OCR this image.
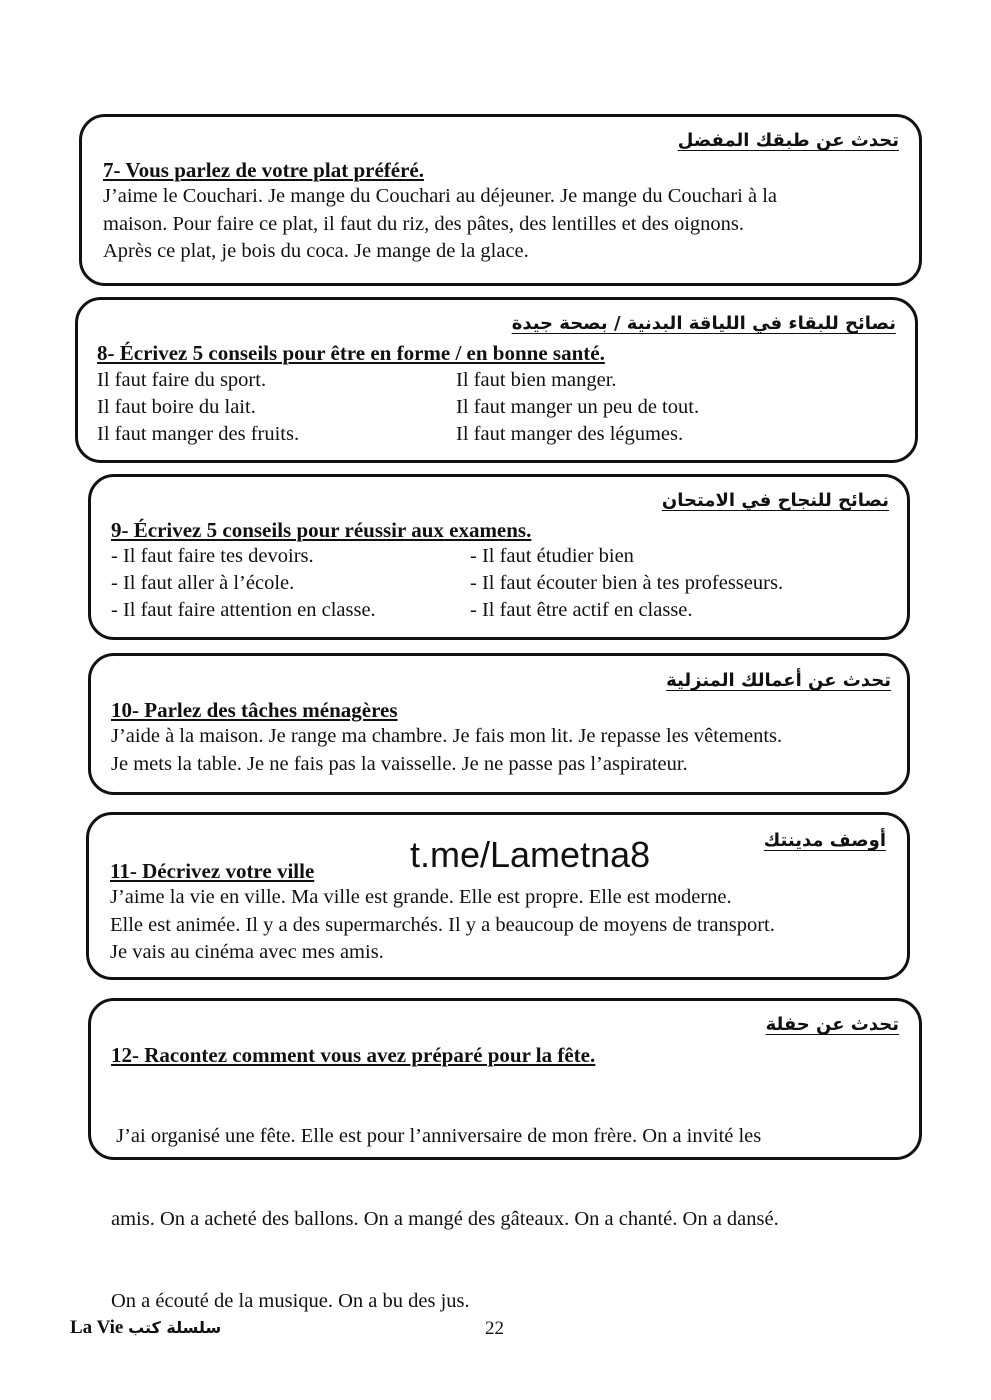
تحدث عن طبقك المفضل
7- Vous parlez de votre plat préféré.

J’aime le Couchari. Je mange du Couchari au déjeuner. Je mange du Couchari à la

maison. Pour faire ce plat, il faut du riz, des pâtes, des lentilles et des oignons.

Après ce plat, je bois du coca. Je mange de la glace.

نصائح للبقاء في اللياقة البدنية / بصحة جيدة
8- Écrivez 5 conseils pour être en forme / en bonne santé.
Il faut faire du sport.
Il faut boire du lait.
Il faut manger des fruits.
Il faut bien manger.
Il faut manger un peu de tout.
Il faut manger des légumes.
نصائح للنجاح في الامتحان
9- Écrivez 5 conseils pour réussir aux examens.
- Il faut faire tes devoirs.
- Il faut aller à l’école.
- Il faut faire attention en classe.
- Il faut étudier bien
- Il faut écouter bien à tes professeurs.
- Il faut être actif en classe.
تحدث عن أعمالك المنزلية
10- Parlez des tâches ménagères

J’aide à la maison. Je range ma chambre. Je fais mon lit. Je repasse les vêtements.

Je mets la table. Je ne fais pas la vaisselle. Je ne passe pas l’aspirateur.

أوصف مدينتك
t.me/Lametna8
11- Décrivez votre ville

J’aime la vie en ville. Ma ville est grande. Elle est propre. Elle est moderne.

Elle est animée. Il y a des supermarchés. Il y a beaucoup de moyens de transport.

Je vais au cinéma avec mes amis.

تحدث عن حفلة
12- Racontez comment vous avez préparé pour la fête.

J’ai organisé une fête. Elle est pour l’anniversaire de mon frère. On a invité les

amis. On a acheté des ballons. On a mangé des gâteaux. On a chanté. On a dansé.

On a écouté de la musique. On a bu des jus.

La Vie سلسلة كتب	22
